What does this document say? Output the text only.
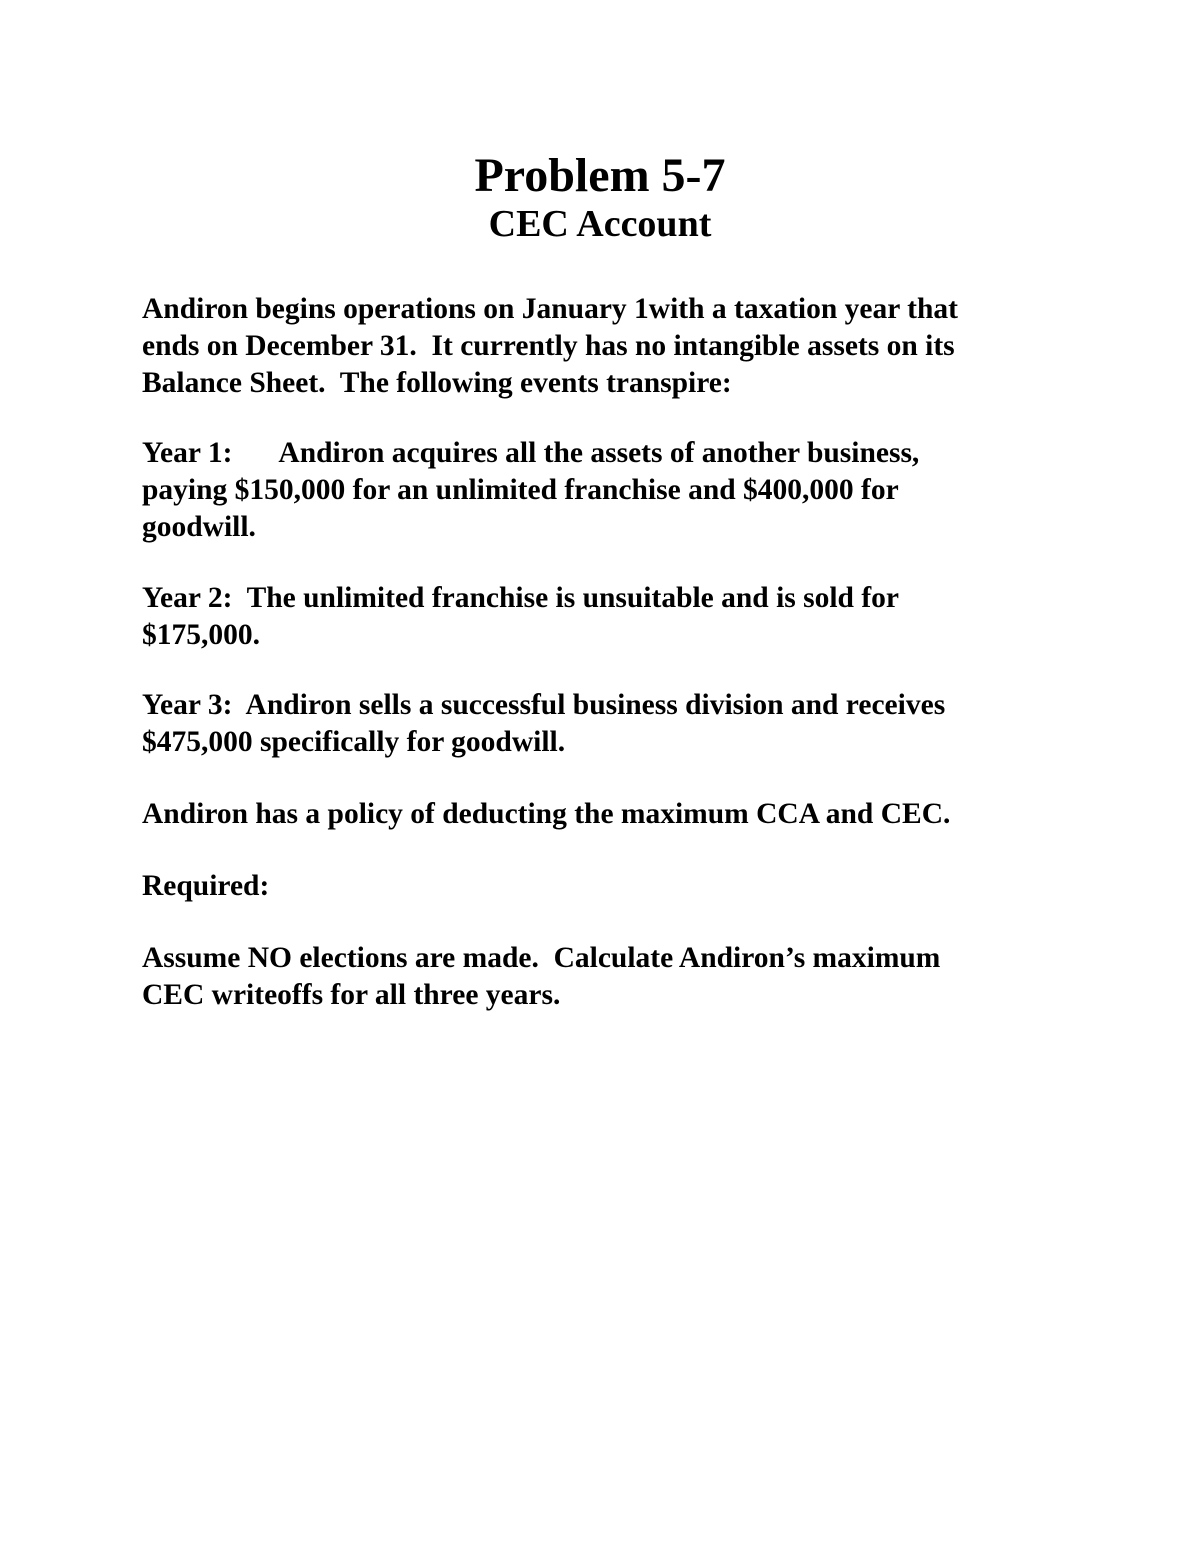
Problem 5-7
CEC Account

Andiron begins operations on January 1with a taxation year that
ends on December 31.  It currently has no intangible assets on its
Balance Sheet.  The following events transpire:

Year 1: Andiron acquires all the assets of another business,
paying $150,000 for an unlimited franchise and $400,000 for
goodwill.

Year 2:  The unlimited franchise is unsuitable and is sold for
$175,000.

Year 3:  Andiron sells a successful business division and receives
$475,000 specifically for goodwill.

Andiron has a policy of deducting the maximum CCA and CEC.

Required:

Assume NO elections are made.  Calculate Andiron’s maximum
CEC writeoffs for all three years.
